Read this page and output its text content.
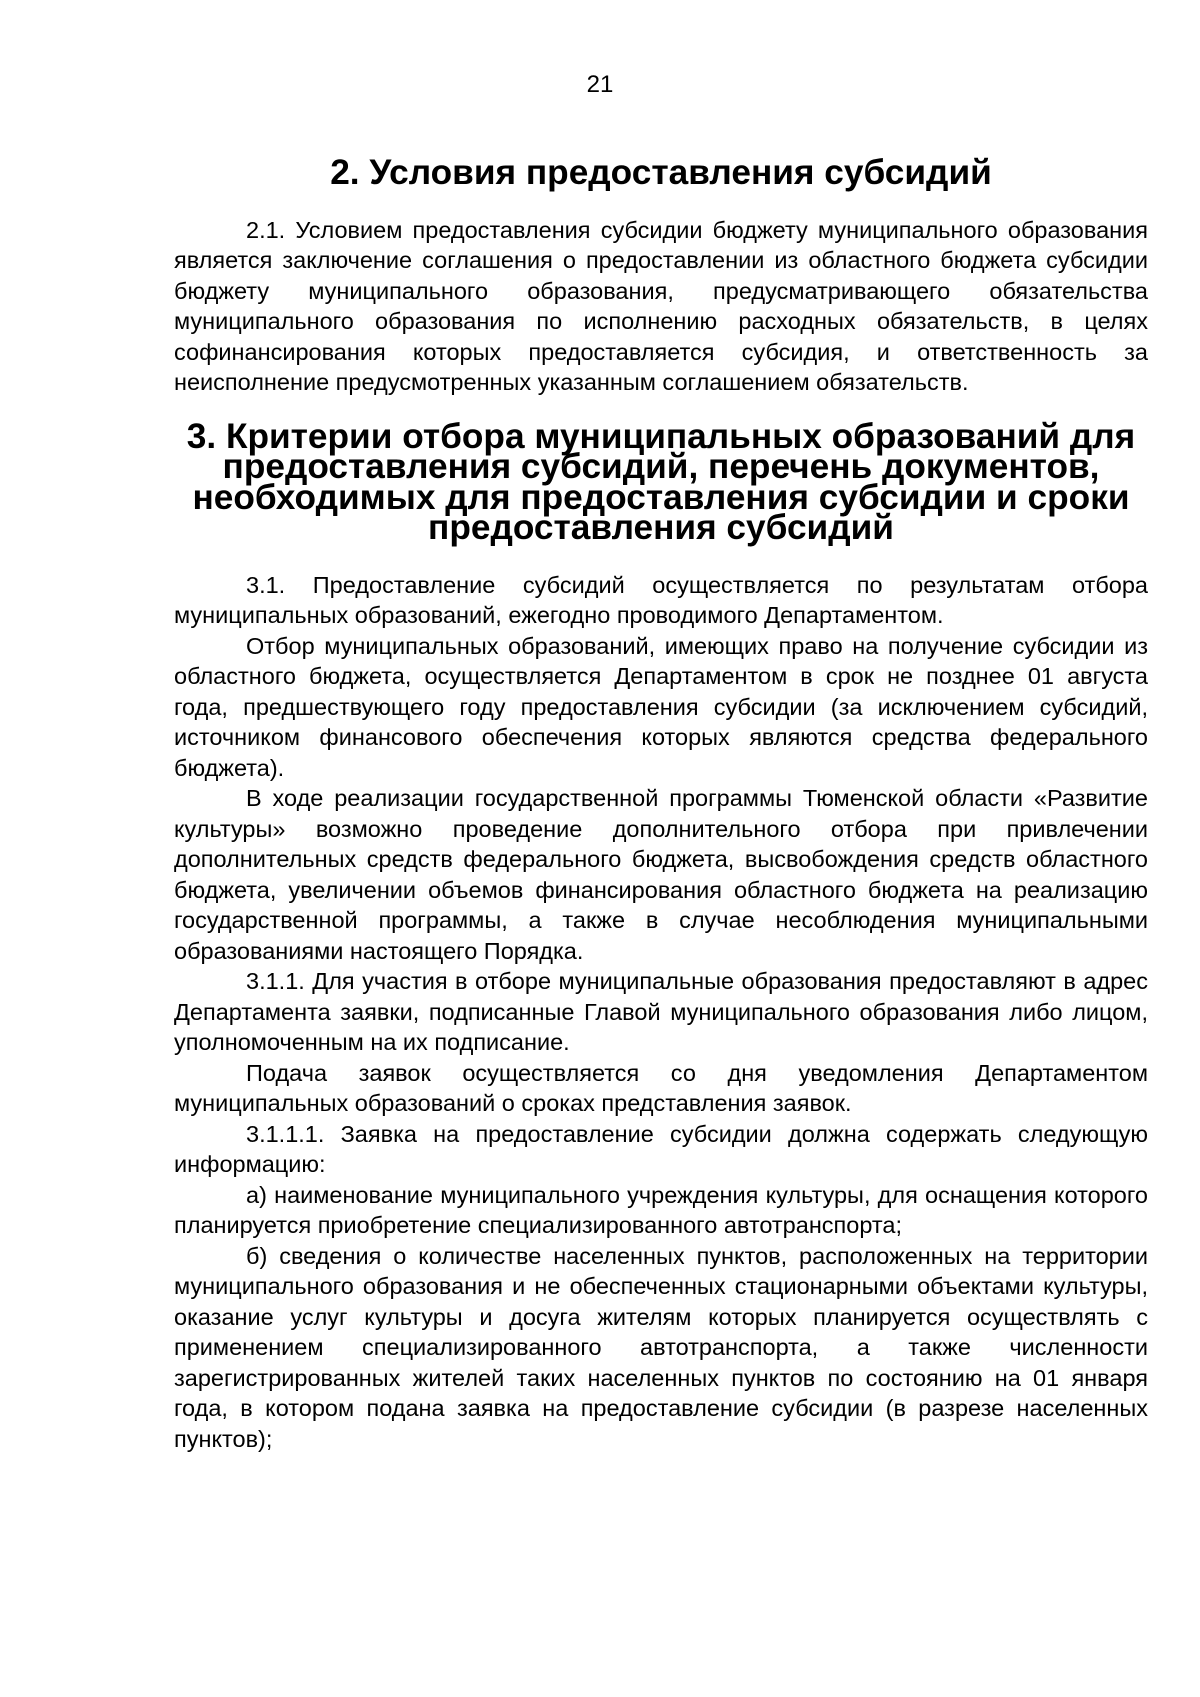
21
2. Условия предоставления субсидий

2.1. Условием предоставления субсидии бюджету муниципального образования является заключение соглашения о предоставлении из областного бюджета субсидии бюджету муниципального образования, предусматривающего обязательства муниципального образования по исполнению расходных обязательств, в целях софинансирования которых предоставляется субсидия, и ответственность за неисполнение предусмотренных указанным соглашением обязательств.

3. Критерии отбора муниципальных образований для предоставления субсидий, перечень документов, необходимых для предоставления субсидии и сроки предоставления субсидий

3.1. Предоставление субсидий осуществляется по результатам отбора муниципальных образований, ежегодно проводимого Департаментом.

Отбор муниципальных образований, имеющих право на получение субсидии из областного бюджета, осуществляется Департаментом в срок не позднее 01 августа года, предшествующего году предоставления субсидии (за исключением субсидий, источником финансового обеспечения которых являются средства федерального бюджета).

В ходе реализации государственной программы Тюменской области «Развитие культуры» возможно проведение дополнительного отбора при привлечении дополнительных средств федерального бюджета, высвобождения средств областного бюджета, увеличении объемов финансирования областного бюджета на реализацию государственной программы, а также в случае несоблюдения муниципальными образованиями настоящего Порядка.

3.1.1. Для участия в отборе муниципальные образования предоставляют в адрес Департамента заявки, подписанные Главой муниципального образования либо лицом, уполномоченным на их подписание.

Подача заявок осуществляется со дня уведомления Департаментом муниципальных образований о сроках представления заявок.

3.1.1.1. Заявка на предоставление субсидии должна содержать следующую информацию:

а) наименование муниципального учреждения культуры, для оснащения которого планируется приобретение специализированного автотранспорта;

б) сведения о количестве населенных пунктов, расположенных на территории муниципального образования и не обеспеченных стационарными объектами культуры, оказание услуг культуры и досуга жителям которых планируется осуществлять с применением специализированного автотранспорта, а также численности зарегистрированных жителей таких населенных пунктов по состоянию на 01 января года, в котором подана заявка на предоставление субсидии (в разрезе населенных пунктов);
